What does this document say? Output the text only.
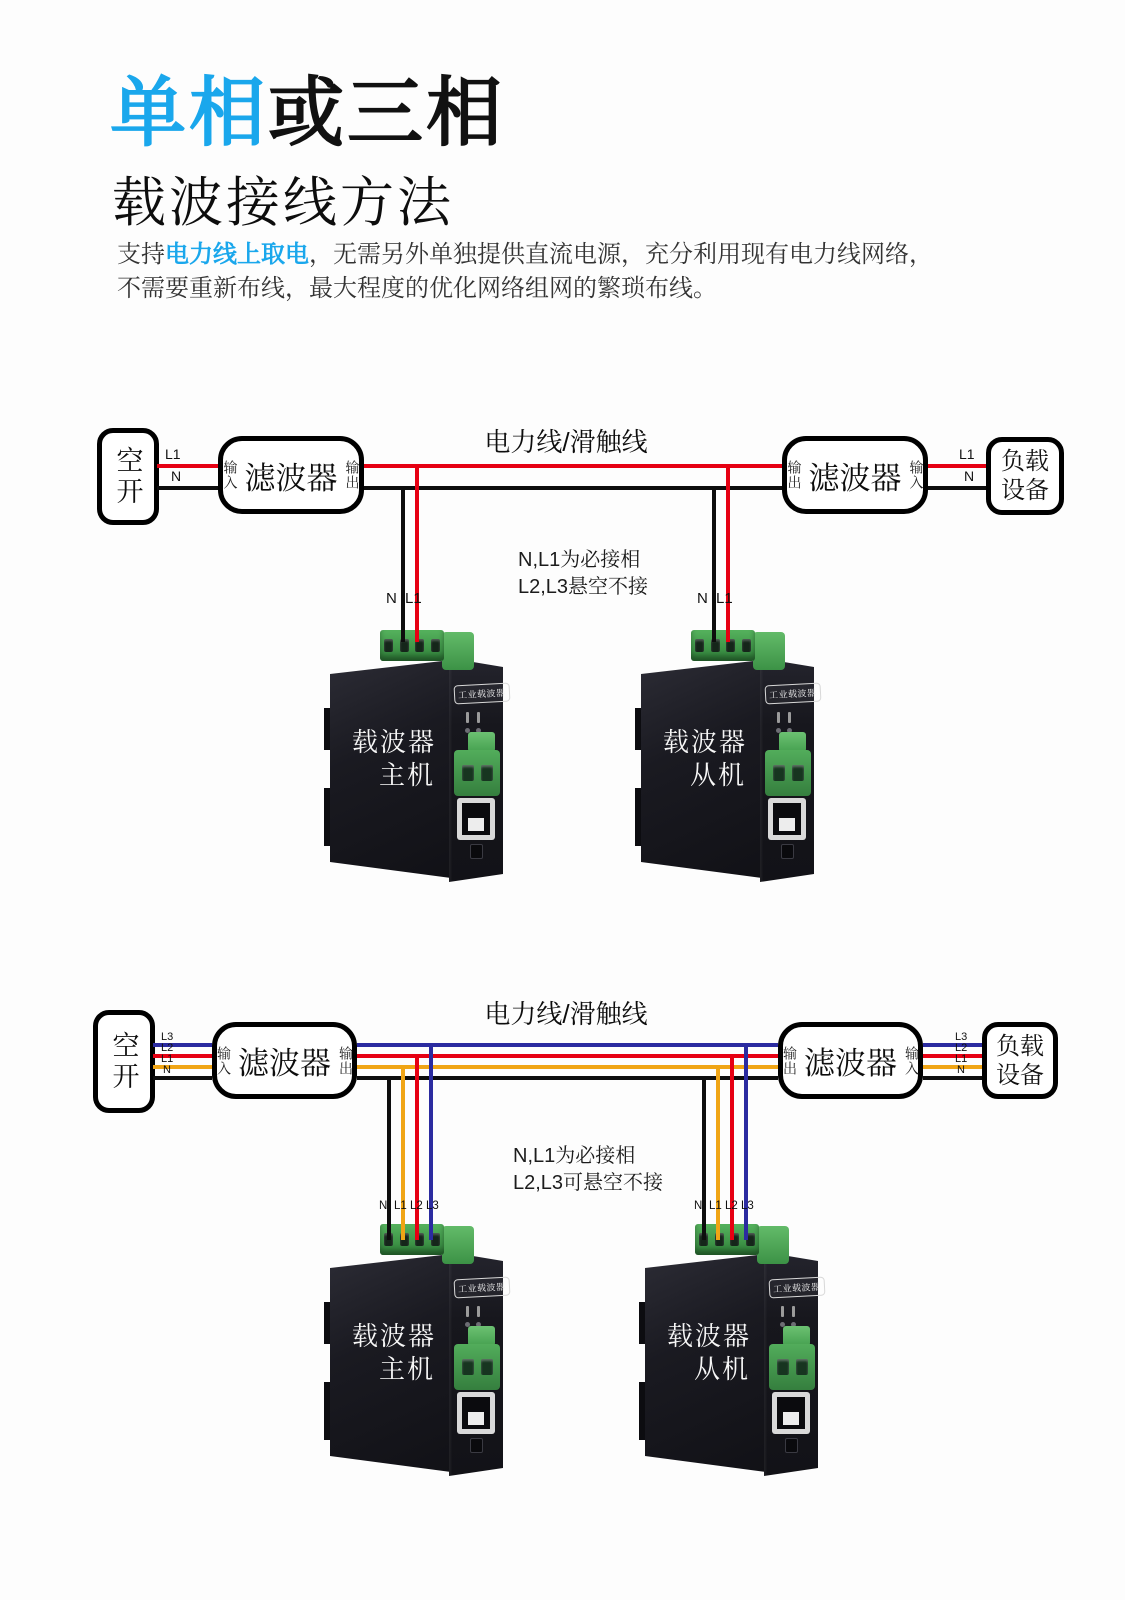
单相或三相
载波接线方法
支持电力线上取电，无需另外单独提供直流电源，充分利用现有电力线网络，
不需要重新布线，最大程度的优化网络组网的繁琐布线。
电力线/滑触线
空开	输入 滤波器 输出	输出 滤波器 输入	负载
设备
L1
N
L1
N
N L1	N L1
N,L1为必接相
L2,L3悬空不接
工业载波器
载波器
主机
工业载波器
载波器
从机
电力线/滑触线
空开	输入 滤波器 输出	输出 滤波器 输入	负载
设备
L3
L2
L1
N
L3
L2
L1
N
N L1 L2 L3	N L1 L2 L3
N,L1为必接相
L2,L3可悬空不接
工业载波器
载波器
主机
工业载波器
载波器
从机
